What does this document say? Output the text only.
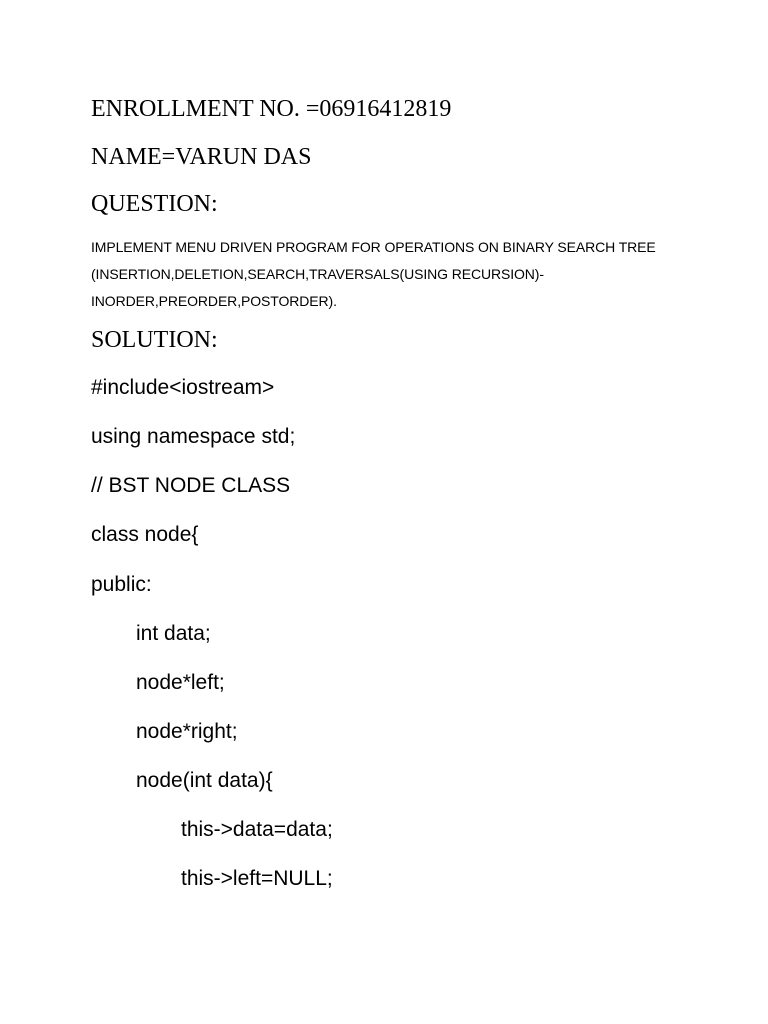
ENROLLMENT NO. =06916412819

NAME=VARUN DAS

QUESTION:

IMPLEMENT MENU DRIVEN PROGRAM FOR OPERATIONS ON BINARY SEARCH TREE (INSERTION,DELETION,SEARCH,TRAVERSALS(USING RECURSION)-INORDER,PREORDER,POSTORDER).

SOLUTION:

#include<iostream>

using namespace std;

// BST NODE CLASS

class node{

public:

int data;

node*left;

node*right;

node(int data){

this->data=data;

this->left=NULL;
